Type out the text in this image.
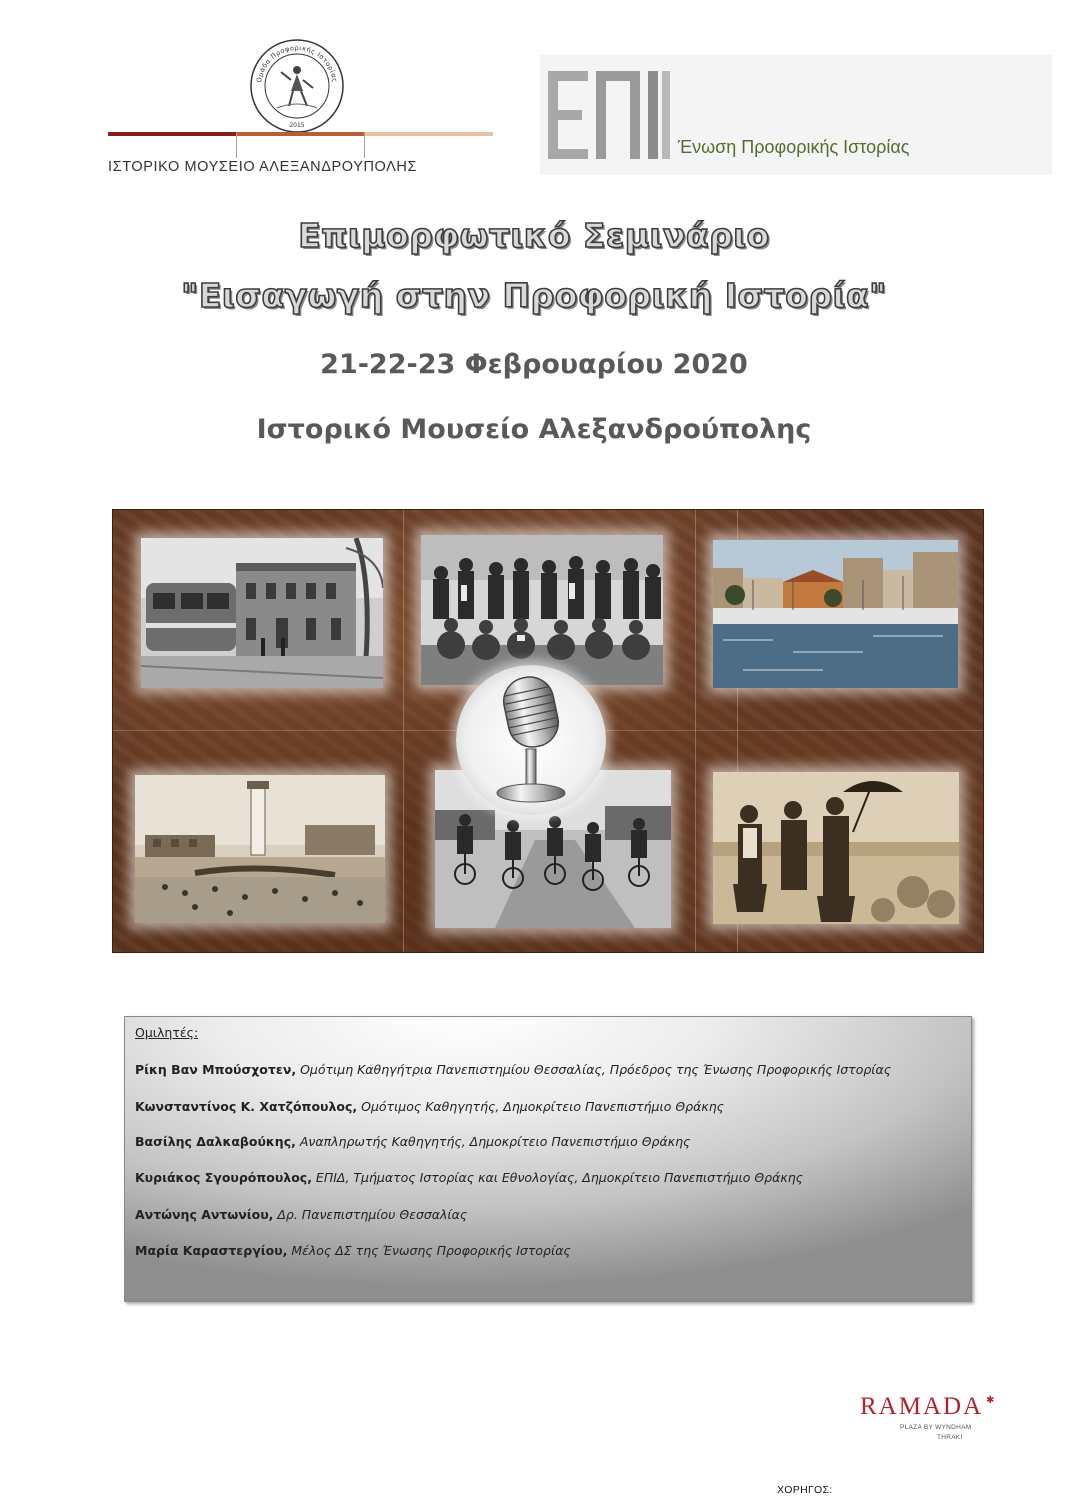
2015
Ομάδα Προφορικής Ιστορίας
ΙΣΤΟΡΙΚΟ ΜΟΥΣΕΙΟ ΑΛΕΞΑΝΔΡΟΥΠΟΛΗΣ
Ένωση Προφορικής Ιστορίας
Επιμορφωτικό Σεμινάριο
"Εισαγωγή στην Προφορική Ιστορία"
21-22-23 Φεβρουαρίου 2020
Ιστορικό Μουσείο Αλεξανδρούπολης
Ομιλητές:
Ρίκη Βαν Μπούσχοτεν, Ομότιμη Καθηγήτρια Πανεπιστημίου Θεσσαλίας, Πρόεδρος της Ένωσης Προφορικής Ιστορίας
Κωνσταντίνος Κ. Χατζόπουλος, Ομότιμος Καθηγητής, Δημοκρίτειο Πανεπιστήμιο Θράκης
Βασίλης Δαλκαβούκης, Αναπληρωτής Καθηγητής, Δημοκρίτειο Πανεπιστήμιο Θράκης
Κυριάκος Σγουρόπουλος, ΕΠΙΔ, Τμήματος Ιστορίας και Εθνολογίας, Δημοκρίτειο Πανεπιστήμιο Θράκης
Αντώνης Αντωνίου, Δρ. Πανεπιστημίου Θεσσαλίας
Μαρία Καραστεργίου, Μέλος ΔΣ της Ένωσης Προφορικής Ιστορίας
ΧΟΡΗΓΟΣ:
RAMADA ✱
PLAZA BY WYNDHAM
THRAKI
